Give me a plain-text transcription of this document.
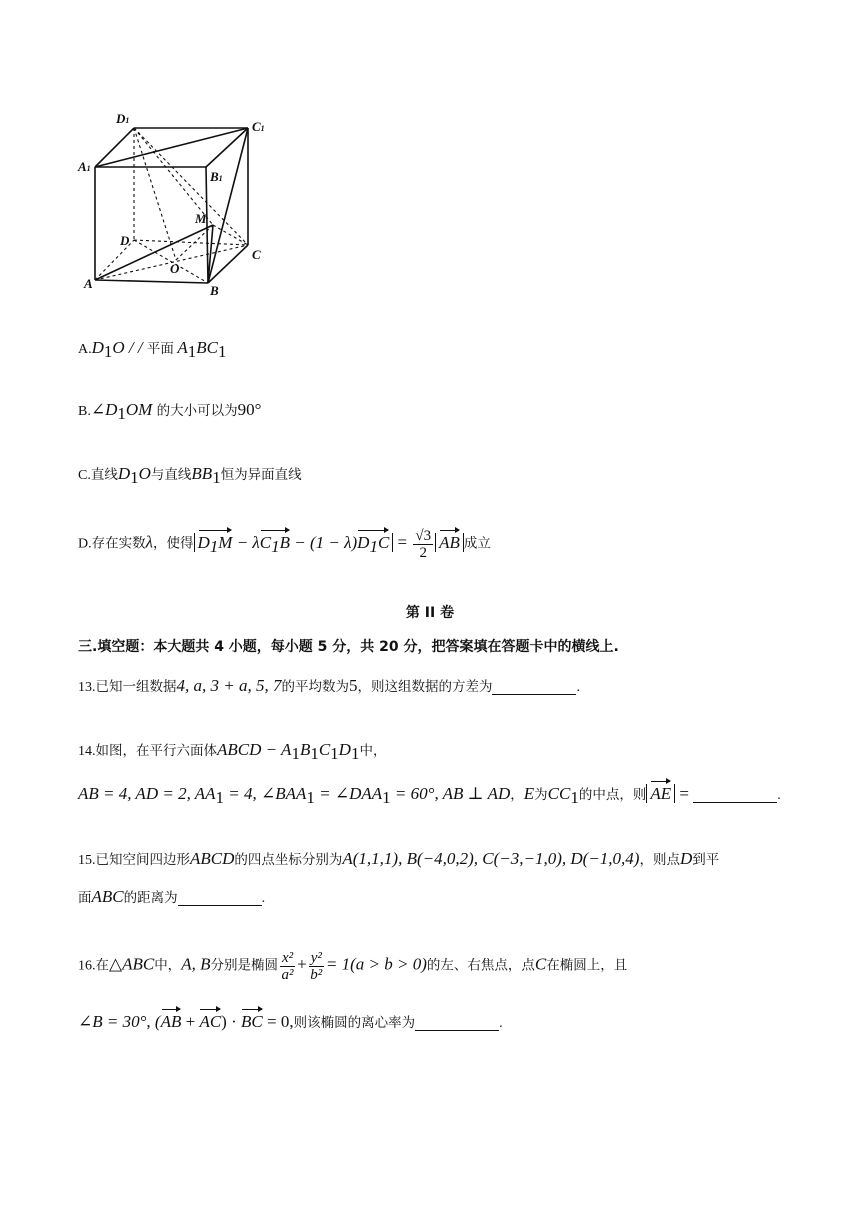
D1	C1
A1
B1
M
D
O
C
A	B
$A.D_1O$ / / 平面 $A_1BC_1$
$B.\angle D_1OM$ 的大小可以为90°
C.直线$D_1O$与直线$BB_1$恒为异面直线
D.存在实数λ，使得 $D_1M - \lambda C_1B - (1 - \lambda)D_1C = \frac{√3}{2}$ AB 成立
第 II 卷
三.填空题：本大题共 4 小题，每小题 5 分，共 20 分，把答案填在答题卡中的横线上.
13.已知一组数据4, a, 3 + a, 5, 7的平均数为5，则这组数据的方差为	.
14.如图，在平行六面体ABCD − $A_1B_1C_1D_1$中，
AB = 4, AD = 2, $AA_1 = 4$, $\angle BAA_1$ = $\angle DAA_1 = 60^\circ$, AB ⊥ AD，E为$CC_1$的中点，则 AE =	.
15.已知空间四边形ABCD的四点坐标分别为A(1,1,1), B(−4,0,2), C(−3,−1,0), D(−1,0,4)，则点D到平
面ABC的距离为	.
16.在△ABC中，A, B分别是椭圆 $\frac{\text{x²}}{\text{a²}} + \frac{\text{y²}}{\text{b²}} = 1(a > b > 0)$的左、右焦点，点C在椭圆上，且
∠B = 30°, (AB + AC) · BC = 0,则该椭圆的离心率为	.
